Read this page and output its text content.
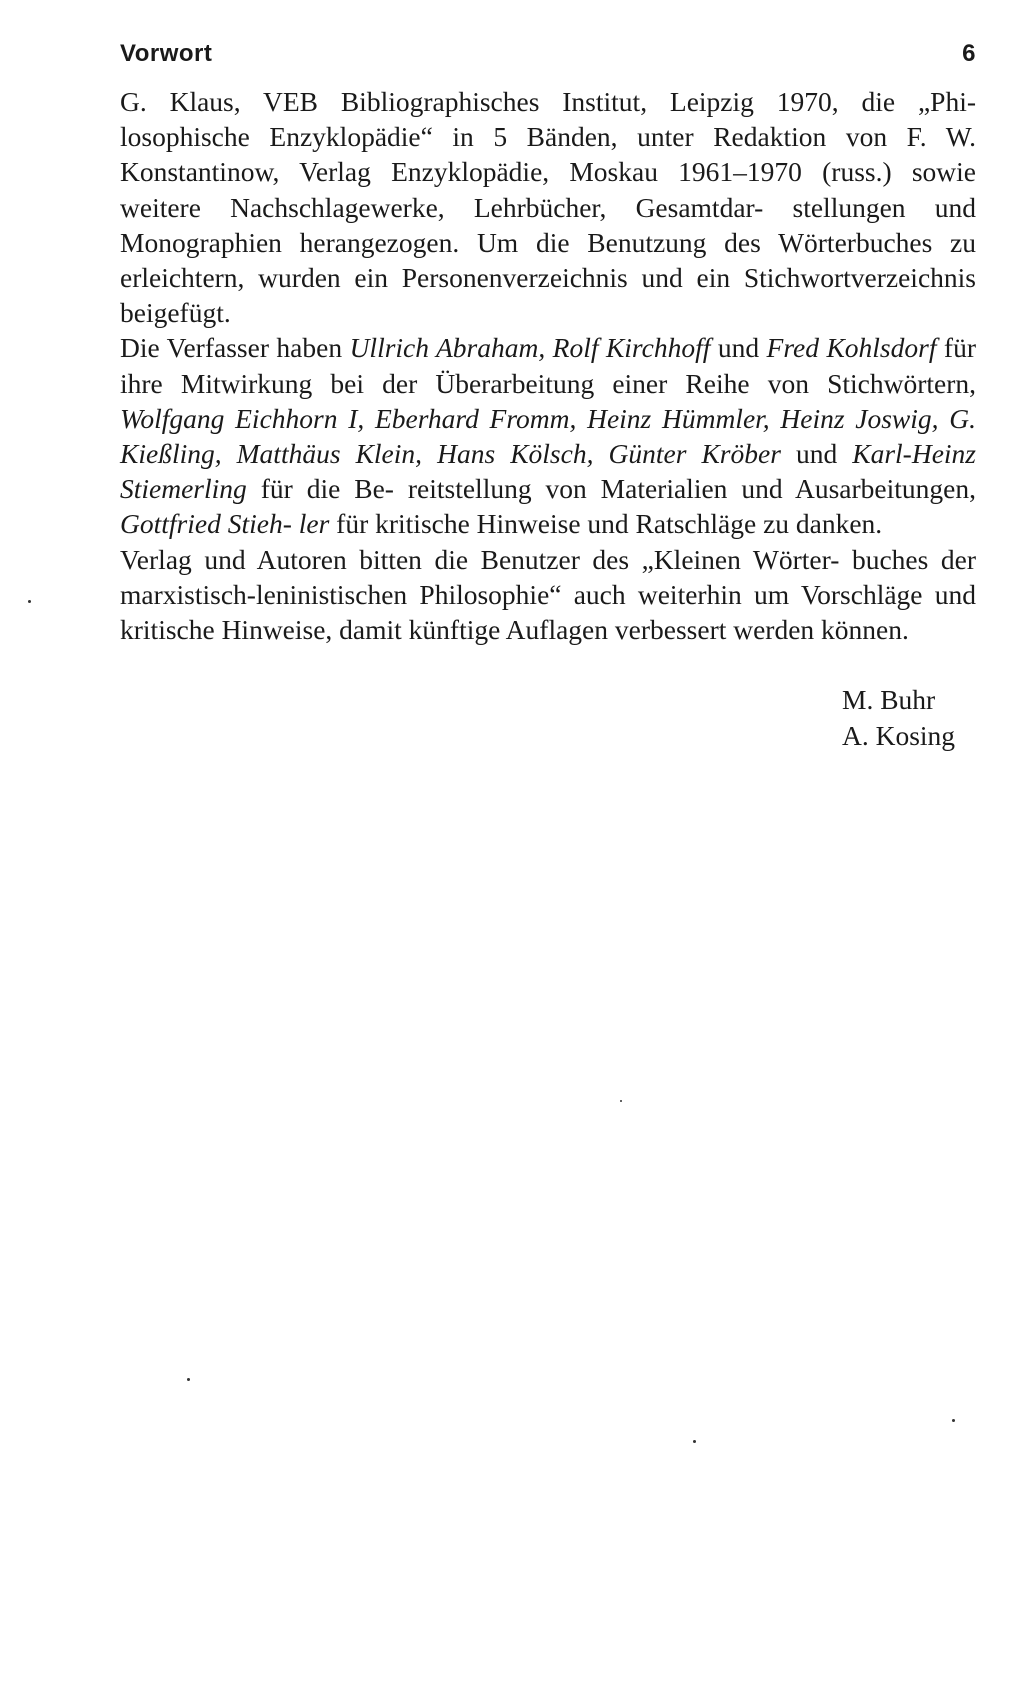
Vorwort	6

G. Klaus, VEB Bibliographisches Institut, Leipzig 1970, die „Phi- losophische Enzyklopädie“ in 5 Bänden, unter Redaktion von F. W. Konstantinow, Verlag Enzyklopädie, Moskau 1961–1970 (russ.) sowie weitere Nachschlagewerke, Lehrbücher, Gesamtdar- stellungen und Monographien herangezogen. Um die Benutzung des Wörterbuches zu erleichtern, wurden ein Personenverzeichnis und ein Stichwortverzeichnis beigefügt.

Die Verfasser haben Ullrich Abraham, Rolf Kirchhoff und Fred Kohlsdorf für ihre Mitwirkung bei der Überarbeitung einer Reihe von Stichwörtern, Wolfgang Eichhorn I, Eberhard Fromm, Heinz Hümmler, Heinz Joswig, G. Kießling, Matthäus Klein, Hans Kölsch, Günter Kröber und Karl-Heinz Stiemerling für die Be- reitstellung von Materialien und Ausarbeitungen, Gottfried Stieh- ler für kritische Hinweise und Ratschläge zu danken.

Verlag und Autoren bitten die Benutzer des „Kleinen Wörter- buches der marxistisch-leninistischen Philosophie“ auch weiterhin um Vorschläge und kritische Hinweise, damit künftige Auflagen verbessert werden können.

M. Buhr
A. Kosing
